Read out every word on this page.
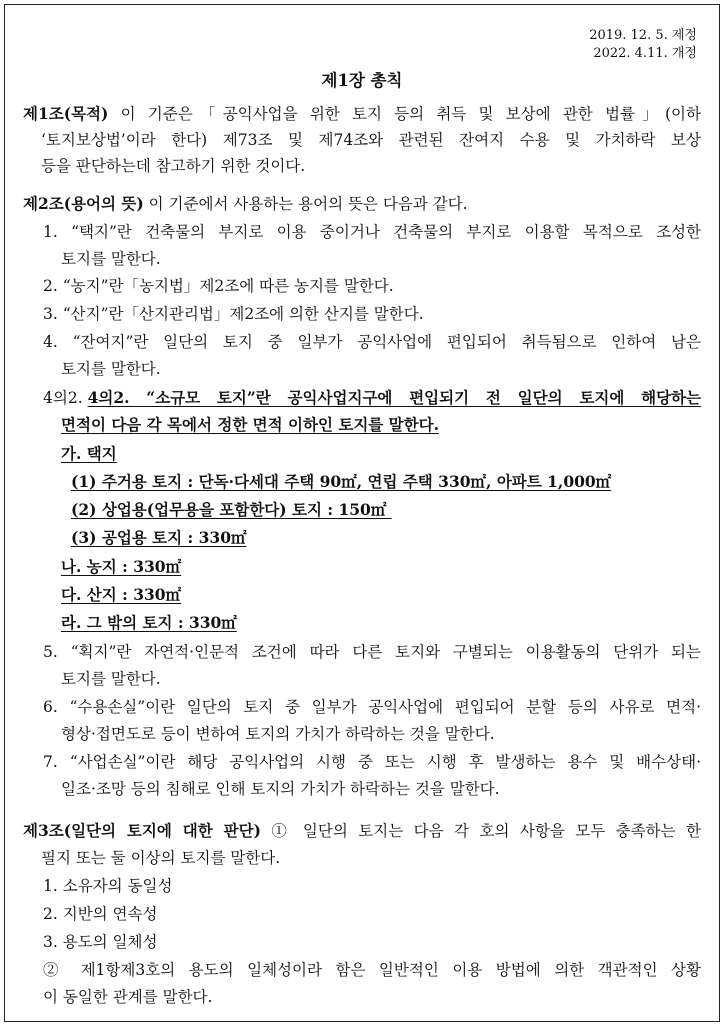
2019. 12. 5. 제정
2022. 4.11. 개정
제1장 총칙
제1조(목적) 이 기준은「공익사업을 위한 토지 등의 취득 및 보상에 관한 법률」(이하
‘토지보상법’이라 한다) 제73조 및 제74조와 관련된 잔여지 수용 및 가치하락 보상
등을 판단하는데 참고하기 위한 것이다.
제2조(용어의 뜻) 이 기준에서 사용하는 용어의 뜻은 다음과 같다.
1. “택지”란 건축물의 부지로 이용 중이거나 건축물의 부지로 이용할 목적으로 조성한
토지를 말한다.
2. “농지”란「농지법」제2조에 따른 농지를 말한다.
3. “산지”란「산지관리법」제2조에 의한 산지를 말한다.
4. “잔여지”란 일단의 토지 중 일부가 공익사업에 편입되어 취득됨으로 인하여 남은
토지를 말한다.
4의2. 4의2. “소규모 토지”란 공익사업지구에 편입되기 전 일단의 토지에 해당하는
면적이 다음 각 목에서 정한 면적 이하인 토지를 말한다.
가. 택지
(1) 주거용 토지 : 단독·다세대 주택 90㎡, 연립 주택 330㎡, 아파트 1,000㎡
(2) 상업용(업무용을 포함한다) 토지 : 150㎡
(3) 공업용 토지 : 330㎡
나. 농지 : 330㎡
다. 산지 : 330㎡
라. 그 밖의 토지 : 330㎡
5. “획지”란 자연적·인문적 조건에 따라 다른 토지와 구별되는 이용활동의 단위가 되는
토지를 말한다.
6. “수용손실”이란 일단의 토지 중 일부가 공익사업에 편입되어 분할 등의 사유로 면적·
형상·접면도로 등이 변하여 토지의 가치가 하락하는 것을 말한다.
7. “사업손실”이란 해당 공익사업의 시행 중 또는 시행 후 발생하는 용수 및 배수상태·
일조·조망 등의 침해로 인해 토지의 가치가 하락하는 것을 말한다.
제3조(일단의 토지에 대한 판단) ① 일단의 토지는 다음 각 호의 사항을 모두 충족하는 한
필지 또는 둘 이상의 토지를 말한다.
1. 소유자의 동일성
2. 지반의 연속성
3. 용도의 일체성
② 제1항제3호의 용도의 일체성이라 함은 일반적인 이용 방법에 의한 객관적인 상황
이 동일한 관계를 말한다.
